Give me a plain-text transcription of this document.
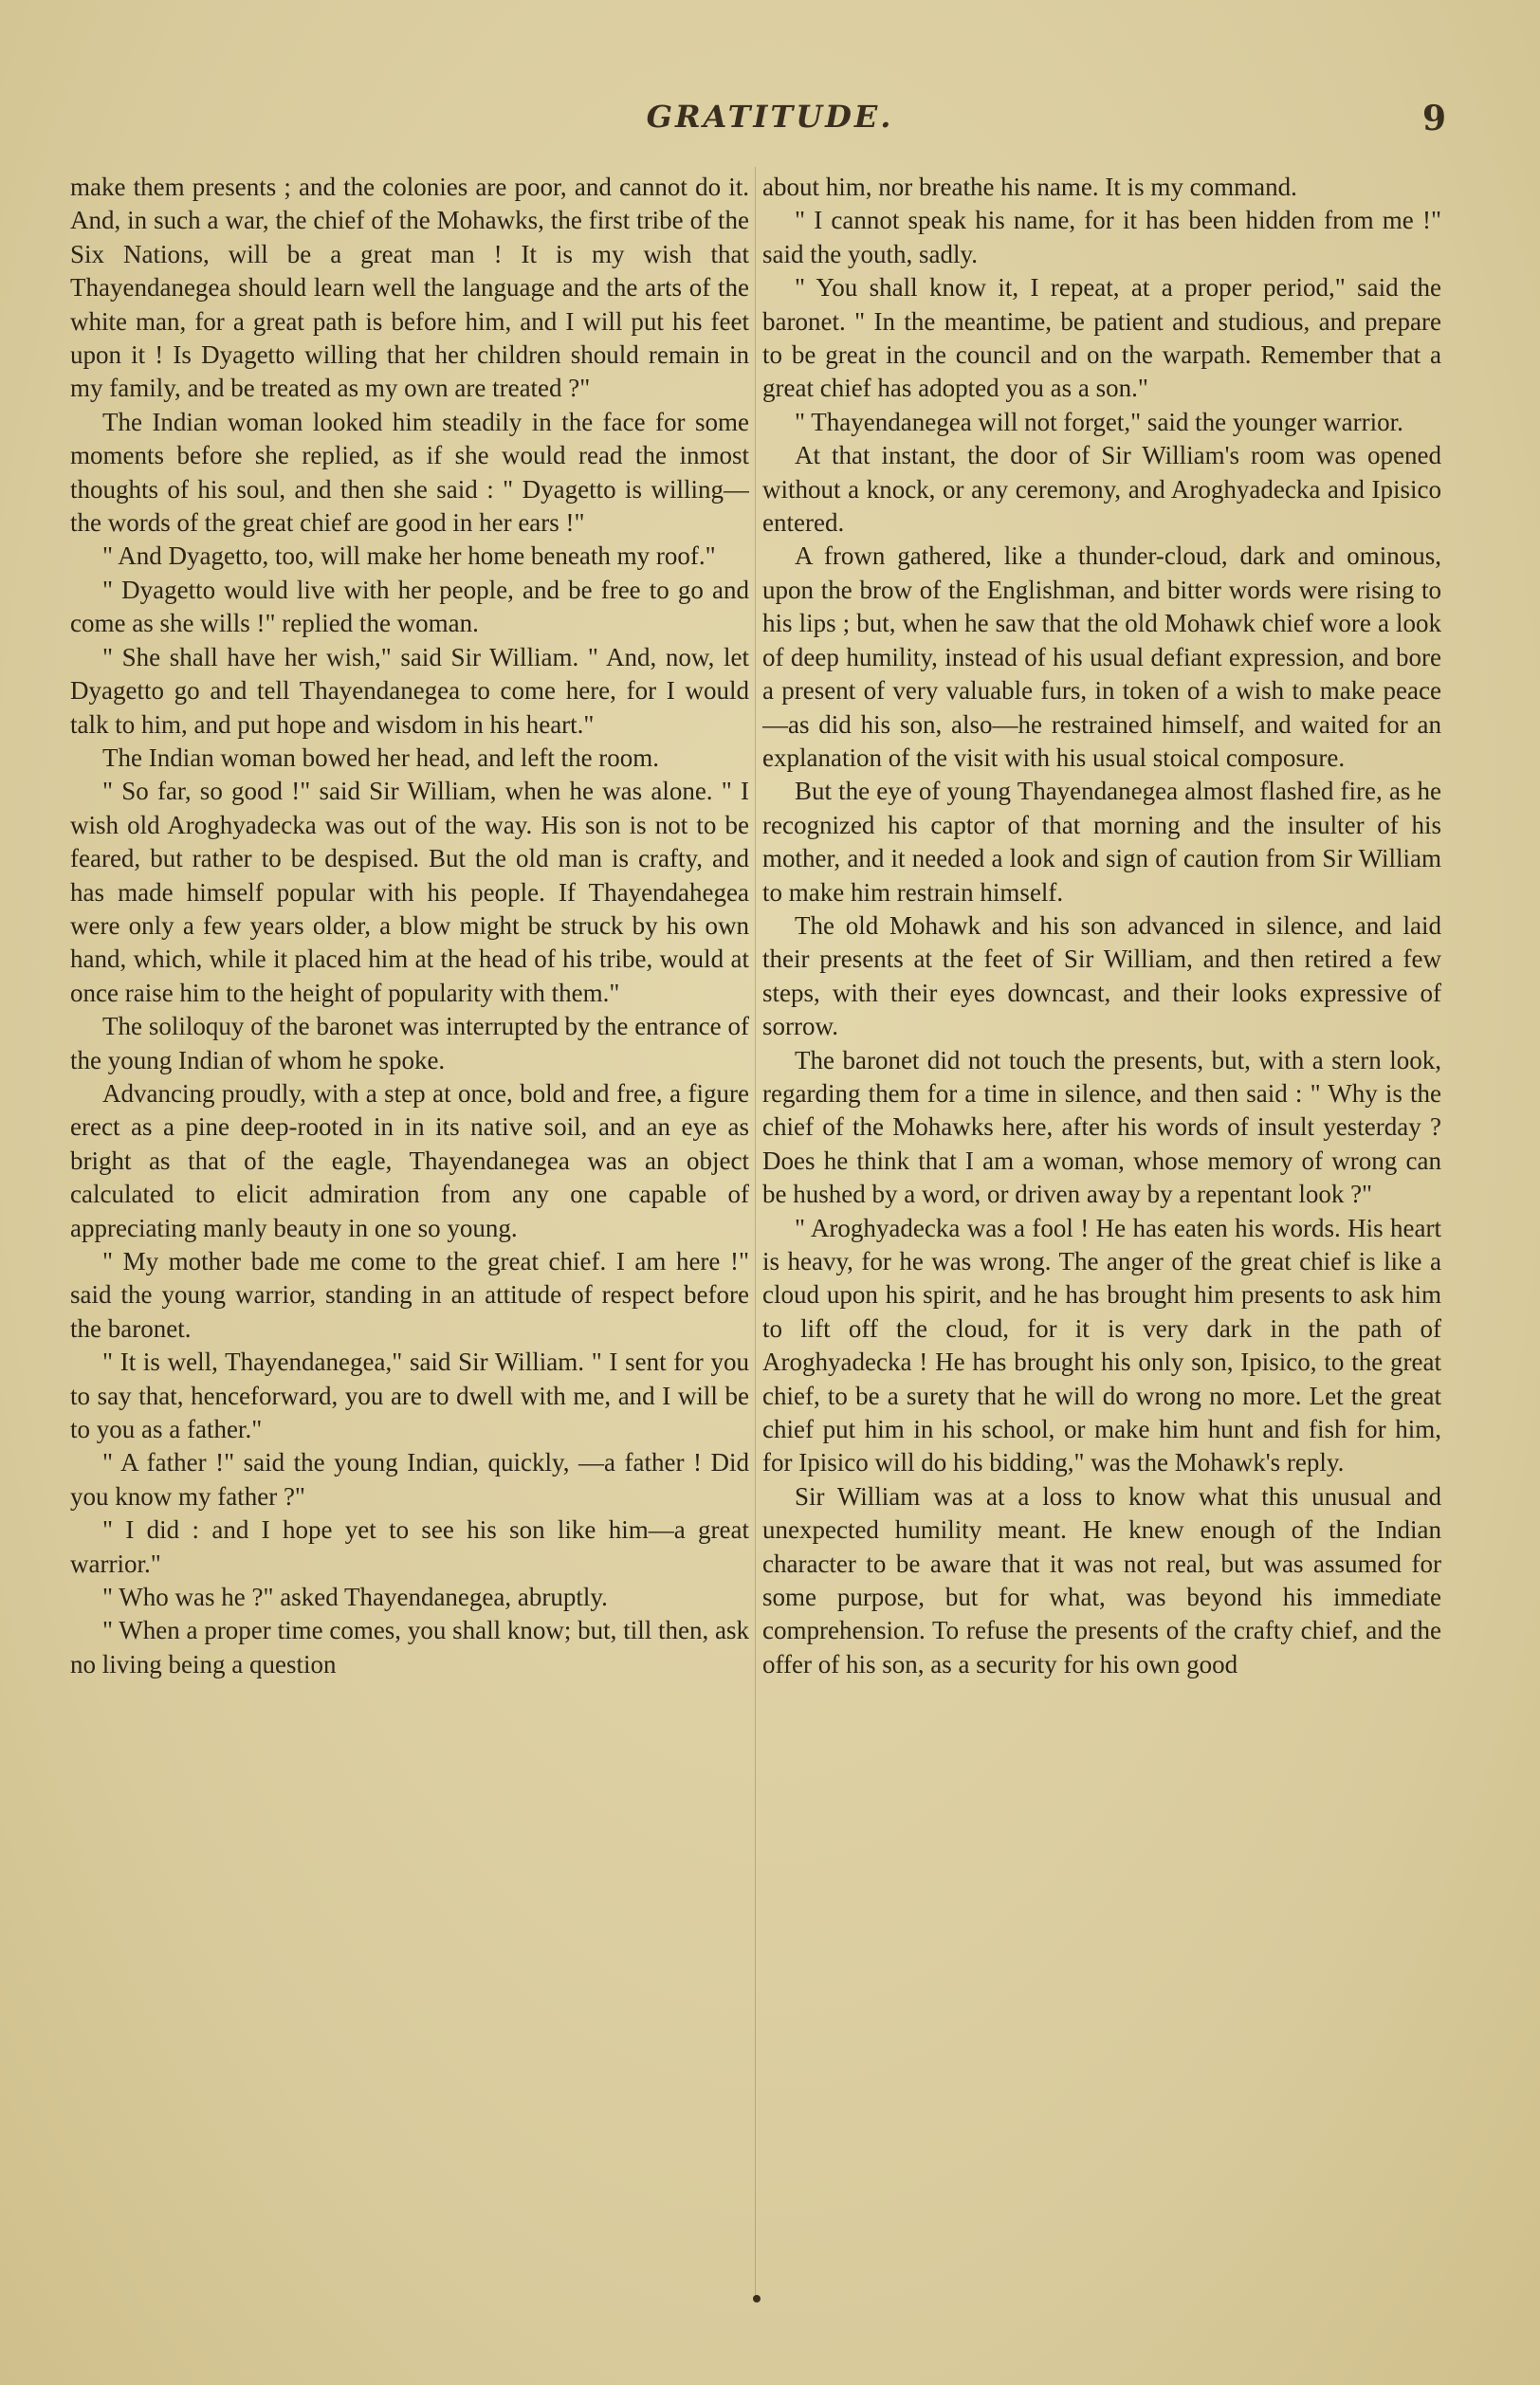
GRATITUDE.	9

make them presents ; and the colonies are poor, and cannot do it. And, in such a war, the chief of the Mohawks, the first tribe of the Six Nations, will be a great man ! It is my wish that Thayendanegea should learn well the language and the arts of the white man, for a great path is before him, and I will put his feet upon it ! Is Dyagetto willing that her children should remain in my family, and be treated as my own are treated ?"

The Indian woman looked him steadily in the face for some moments before she replied, as if she would read the inmost thoughts of his soul, and then she said : " Dyagetto is willing— the words of the great chief are good in her ears !"

" And Dyagetto, too, will make her home beneath my roof."

" Dyagetto would live with her people, and be free to go and come as she wills !" replied the woman.

" She shall have her wish," said Sir William. " And, now, let Dyagetto go and tell Thayendanegea to come here, for I would talk to him, and put hope and wisdom in his heart."

The Indian woman bowed her head, and left the room.

" So far, so good !" said Sir William, when he was alone. " I wish old Aroghyadecka was out of the way. His son is not to be feared, but rather to be despised. But the old man is crafty, and has made himself popular with his people. If Thayendahegea were only a few years older, a blow might be struck by his own hand, which, while it placed him at the head of his tribe, would at once raise him to the height of popularity with them."

The soliloquy of the baronet was interrupted by the entrance of the young Indian of whom he spoke.

Advancing proudly, with a step at once, bold and free, a figure erect as a pine deep-rooted in in its native soil, and an eye as bright as that of the eagle, Thayendanegea was an object calculated to elicit admiration from any one capable of appreciating manly beauty in one so young.

" My mother bade me come to the great chief. I am here !" said the young warrior, standing in an attitude of respect before the baronet.

" It is well, Thayendanegea," said Sir William. " I sent for you to say that, henceforward, you are to dwell with me, and I will be to you as a father."

" A father !" said the young Indian, quickly, —a father ! Did you know my father ?"

" I did : and I hope yet to see his son like him—a great warrior."

" Who was he ?" asked Thayendanegea, abruptly.

" When a proper time comes, you shall know; but, till then, ask no living being a question

about him, nor breathe his name. It is my command.

" I cannot speak his name, for it has been hidden from me !" said the youth, sadly.

" You shall know it, I repeat, at a proper period," said the baronet. " In the meantime, be patient and studious, and prepare to be great in the council and on the warpath. Remember that a great chief has adopted you as a son."

" Thayendanegea will not forget," said the younger warrior.

At that instant, the door of Sir William's room was opened without a knock, or any ceremony, and Aroghyadecka and Ipisico entered.

A frown gathered, like a thunder-cloud, dark and ominous, upon the brow of the Englishman, and bitter words were rising to his lips ; but, when he saw that the old Mohawk chief wore a look of deep humility, instead of his usual defiant expression, and bore a present of very valuable furs, in token of a wish to make peace —as did his son, also—he restrained himself, and waited for an explanation of the visit with his usual stoical composure.

But the eye of young Thayendanegea almost flashed fire, as he recognized his captor of that morning and the insulter of his mother, and it needed a look and sign of caution from Sir William to make him restrain himself.

The old Mohawk and his son advanced in silence, and laid their presents at the feet of Sir William, and then retired a few steps, with their eyes downcast, and their looks expressive of sorrow.

The baronet did not touch the presents, but, with a stern look, regarding them for a time in silence, and then said : " Why is the chief of the Mohawks here, after his words of insult yesterday ? Does he think that I am a woman, whose memory of wrong can be hushed by a word, or driven away by a repentant look ?"

" Aroghyadecka was a fool ! He has eaten his words. His heart is heavy, for he was wrong. The anger of the great chief is like a cloud upon his spirit, and he has brought him presents to ask him to lift off the cloud, for it is very dark in the path of Aroghyadecka ! He has brought his only son, Ipisico, to the great chief, to be a surety that he will do wrong no more. Let the great chief put him in his school, or make him hunt and fish for him, for Ipisico will do his bidding," was the Mohawk's reply.

Sir William was at a loss to know what this unusual and unexpected humility meant. He knew enough of the Indian character to be aware that it was not real, but was assumed for some purpose, but for what, was beyond his immediate comprehension. To refuse the presents of the crafty chief, and the offer of his son, as a security for his own good
